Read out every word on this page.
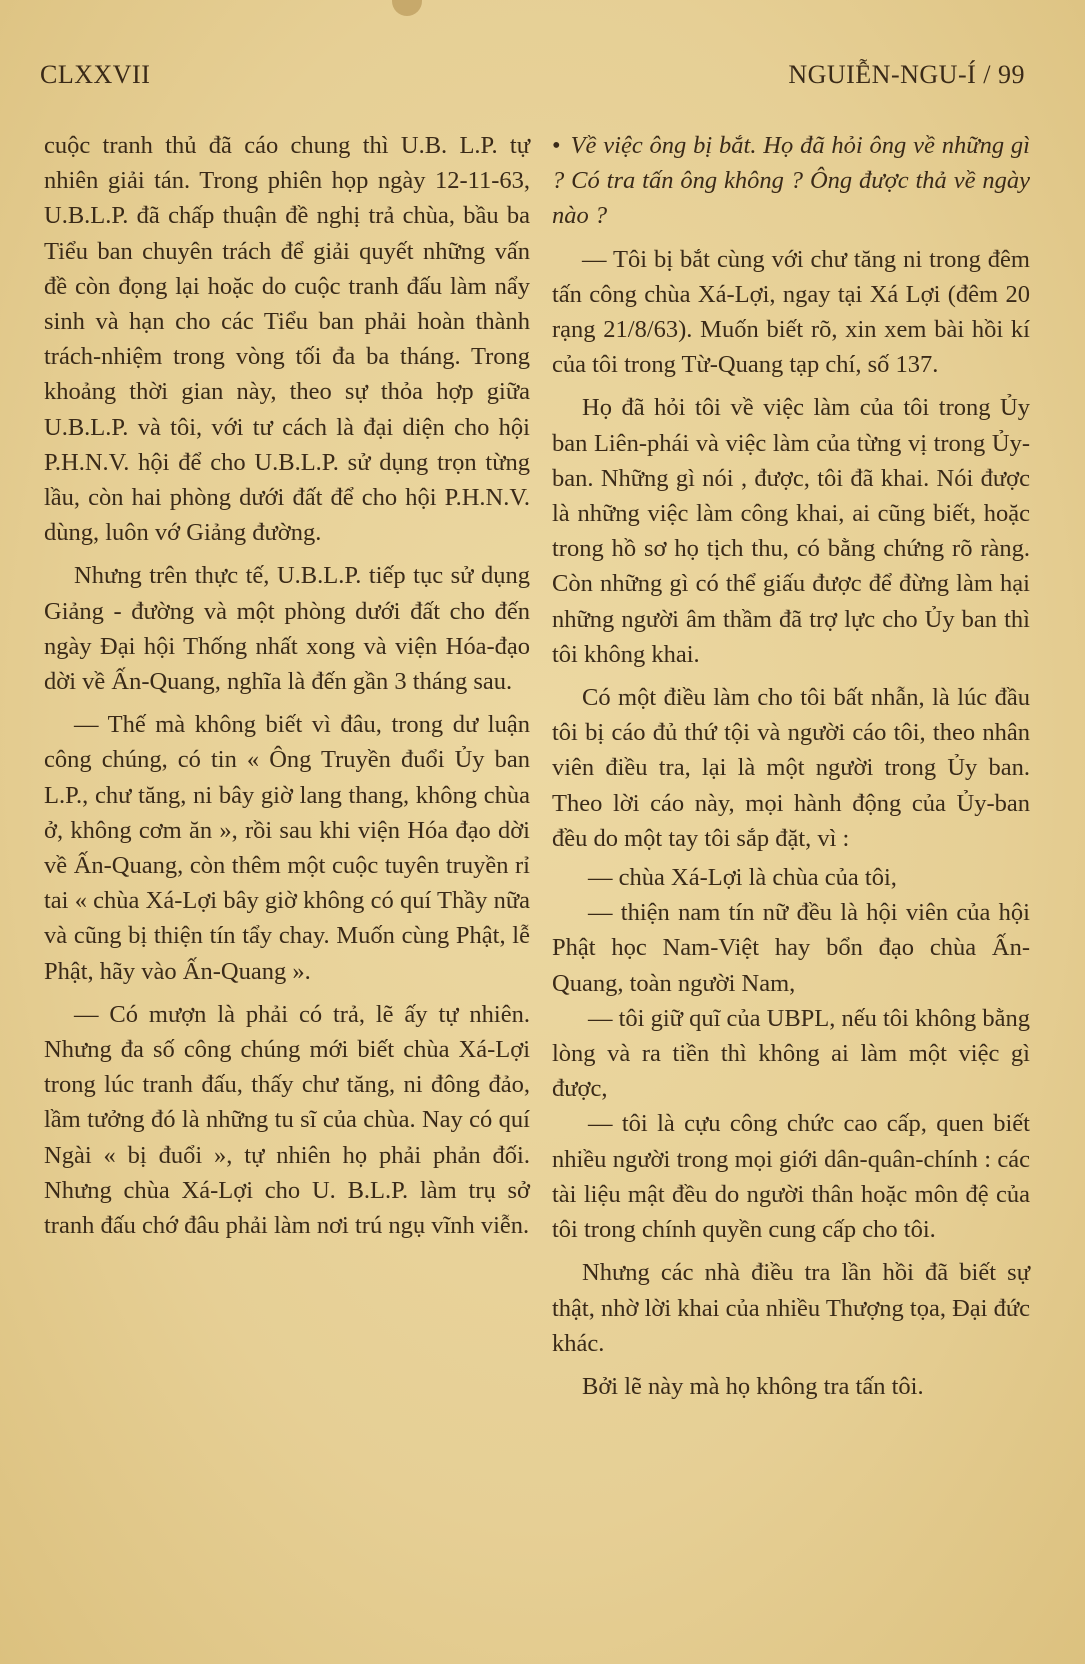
CLXXVII	NGUIỄN-NGU-Í / 99

cuộc tranh thủ đã cáo chung thì U.B. L.P. tự nhiên giải tán. Trong phiên họp ngày 12-11-63, U.B.L.P. đã chấp thuận đề nghị trả chùa, bầu ba Tiểu ban chuyên trách để giải quyết những vấn đề còn đọng lại hoặc do cuộc tranh đấu làm nẩy sinh và hạn cho các Tiểu ban phải hoàn thành trách-nhiệm trong vòng tối đa ba tháng. Trong khoảng thời gian này, theo sự thỏa hợp giữa U.B.L.P. và tôi, với tư cách là đại diện cho hội P.H.N.V. hội để cho U.B.L.P. sử dụng trọn từng lầu, còn hai phòng dưới đất để cho hội P.H.N.V. dùng, luôn vớ Giảng đường.

Nhưng trên thực tế, U.B.L.P. tiếp tục sử dụng Giảng - đường và một phòng dưới đất cho đến ngày Đại hội Thống nhất xong và viện Hóa-đạo dời về Ấn-Quang, nghĩa là đến gần 3 tháng sau.

— Thế mà không biết vì đâu, trong dư luận công chúng, có tin « Ông Truyền đuổi Ủy ban L.P., chư tăng, ni bây giờ lang thang, không chùa ở, không cơm ăn », rồi sau khi viện Hóa đạo dời về Ấn-Quang, còn thêm một cuộc tuyên truyền rỉ tai « chùa Xá-Lợi bây giờ không có quí Thầy nữa và cũng bị thiện tín tẩy chay. Muốn cùng Phật, lễ Phật, hãy vào Ấn-Quang ».

— Có mượn là phải có trả, lẽ ấy tự nhiên. Nhưng đa số công chúng mới biết chùa Xá-Lợi trong lúc tranh đấu, thấy chư tăng, ni đông đảo, lầm tưởng đó là những tu sĩ của chùa. Nay có quí Ngài « bị đuổi », tự nhiên họ phải phản đối. Nhưng chùa Xá-Lợi cho U. B.L.P. làm trụ sở tranh đấu chớ đâu phải làm nơi trú ngụ vĩnh viễn.

• Về việc ông bị bắt. Họ đã hỏi ông về những gì ? Có tra tấn ông không ? Ông được thả về ngày nào ?

— Tôi bị bắt cùng với chư tăng ni trong đêm tấn công chùa Xá-Lợi, ngay tại Xá Lợi (đêm 20 rạng 21/8/63). Muốn biết rõ, xin xem bài hồi kí của tôi trong Từ-Quang tạp chí, số 137.

Họ đã hỏi tôi về việc làm của tôi trong Ủy ban Liên-phái và việc làm của từng vị trong Ủy-ban. Những gì nói , được, tôi đã khai. Nói được là những việc làm công khai, ai cũng biết, hoặc trong hồ sơ họ tịch thu, có bằng chứng rõ ràng. Còn những gì có thể giấu được để đừng làm hại những người âm thầm đã trợ lực cho Ủy ban thì tôi không khai.

Có một điều làm cho tôi bất nhẫn, là lúc đầu tôi bị cáo đủ thứ tội và người cáo tôi, theo nhân viên điều tra, lại là một người trong Ủy ban. Theo lời cáo này, mọi hành động của Ủy-ban đều do một tay tôi sắp đặt, vì :

— chùa Xá-Lợi là chùa của tôi,

— thiện nam tín nữ đều là hội viên của hội Phật học Nam-Việt hay bổn đạo chùa Ấn-Quang, toàn người Nam,

— tôi giữ quĩ của UBPL, nếu tôi không bằng lòng và ra tiền thì không ai làm một việc gì được,

— tôi là cựu công chức cao cấp, quen biết nhiều người trong mọi giới dân-quân-chính : các tài liệu mật đều do người thân hoặc môn đệ của tôi trong chính quyền cung cấp cho tôi.

Nhưng các nhà điều tra lần hồi đã biết sự thật, nhờ lời khai của nhiều Thượng tọa, Đại đức khác.

Bởi lẽ này mà họ không tra tấn tôi.
